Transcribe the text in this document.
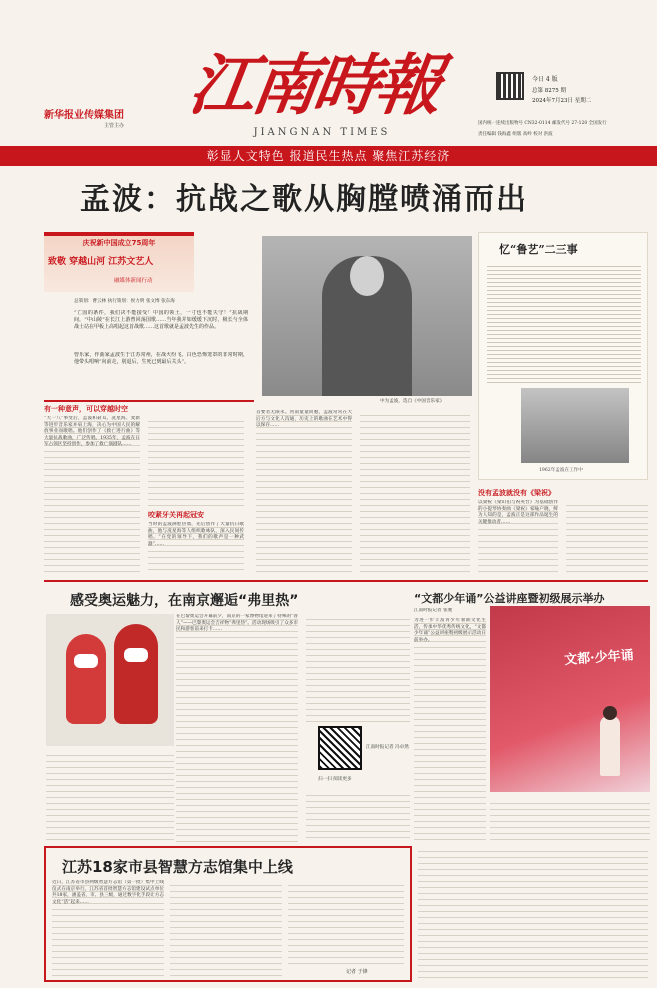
新华报业传媒集团
主管主办
江南時報
JIANGNAN TIMES
今日 4 版
总第 8275 期
2024年7月23日 星期二
国内统一连续出版物号 CN32-0114 邮发代号 27-120 全国发行
责任编辑 钱海鑫 组版 高岭 校对 洪波
彰显人文特色 报道民生热点 聚焦江苏经济
孟波：抗战之歌从胸膛喷涌而出
庆祝新中国成立75周年
致敬 穿越山河 江苏文艺人
融媒体新闻行动
总策划：曹云林 执行策划：侯力明 张文博 张东海
“亡国的条件，我们决不能接受！中国的领土，一寸也不能失守！”抗战期间，“中山陵”在长江上游曾回荡国歌……当年我并如缓缓下沉时，极长与全体战士站在甲板上高唱起这首战歌……这首歌就是孟波先生的作品。
曾乐家，作曲家孟波生于江苏常州，在战火纷飞、白色恐怖笼罩的非常时期，他带头唱响“向前走，别退后，生死已到最后关头”。
中为孟波，选自《中国音乐家》
忆“鲁艺”二三事
1962年孟波在工作中
有一种意声，可以穿越时空
“大一八”事变后，孟波和聂耳、冼星海、麦新等进步音乐家并肩上海，决心为中国人民的解放事业而歌唱。他们创作了《救亡进行曲》等大量抗战歌曲，广泛传唱。1935年，孟波在日军占领区坚持创作，参加了救亡演剧队……
咬紧牙关再起冠安
当时的孟波满腔热血，先后创作了大量抗日歌曲，他与冼星海等人组织歌咏队，深入民间传唱。“在党的领导下，我们的歌声是一种武器”……
首要者无限永。河南童童同胞，孟波常常在大后方与文化人沟通，历史上的歌曲在艺术中得以保存……
没有孟波就没有《梁祝》
以梁祝《梁山伯与祝英台》为基础创作的小提琴协奏曲《梁祝》家喻户晓，鲜为人知的是，孟波正是这部作品诞生的关键推动者……
感受奥运魅力，在南京邂逅“弗里热”
在巴黎奥运会开幕前夕，南京的一家博物馆迎来了特殊的“客人”——巴黎奥运会吉祥物“弗里热”。活动现场吸引了众多市民和游客前来打卡……
江南时报记者 冯卓然
扫一扫 阅读更多
“文都少年诵”公益讲座暨初级展示举办
江南时报记者 张驰
为进一步丰富青少年暑期文化生活，传承中华优秀传统文化，“文都少年诵”公益讲座暨初级展示活动日前举办。
文都·少年诵
江苏18家市县智慧方志馆集中上线
近日，江苏省市县两级智慧方志馆（第一批）集中上线仪式在南京举行。江苏省首批智慧方志馆建设试点单位共18家，涵盖省、市、县三级，通过数字化手段让方志文化“活”起来……
记者 于锋
